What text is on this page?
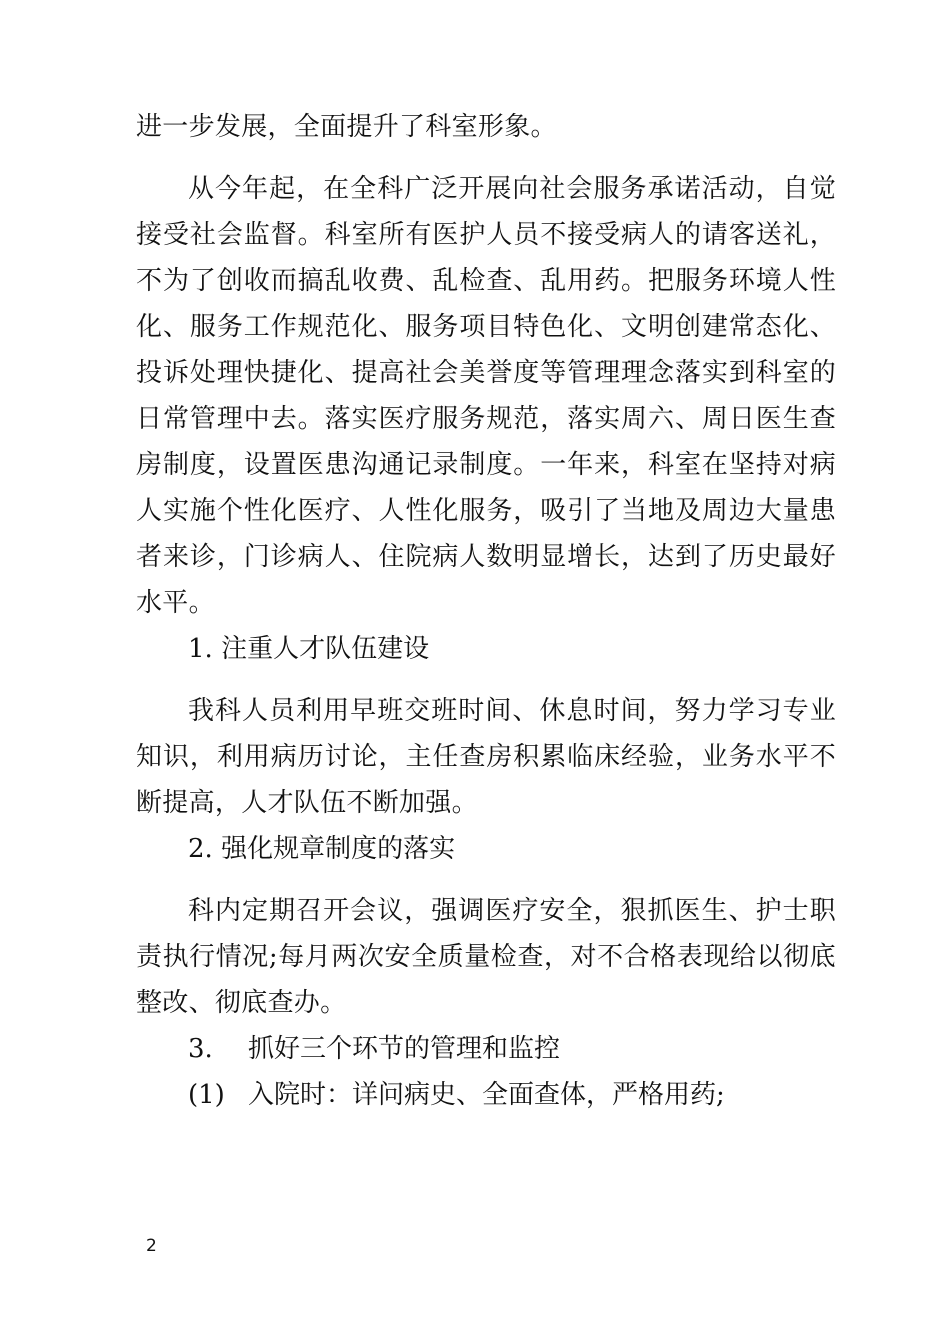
进一步发展，全面提升了科室形象。

从今年起，在全科广泛开展向社会服务承诺活动，自觉接受社会监督。科室所有医护人员不接受病人的请客送礼，不为了创收而搞乱收费、乱检查、乱用药。把服务环境人性化、服务工作规范化、服务项目特色化、文明创建常态化、投诉处理快捷化、提高社会美誉度等管理理念落实到科室的日常管理中去。落实医疗服务规范，落实周六、周日医生查房制度，设置医患沟通记录制度。一年来，科室在坚持对病人实施个性化医疗、人性化服务，吸引了当地及周边大量患者来诊，门诊病人、住院病人数明显增长，达到了历史最好水平。

1. 注重人才队伍建设

我科人员利用早班交班时间、休息时间，努力学习专业知识，利用病历讨论，主任查房积累临床经验，业务水平不断提高，人才队伍不断加强。

2. 强化规章制度的落实

科内定期召开会议，强调医疗安全，狠抓医生、护士职责执行情况;每月两次安全质量检查，对不合格表现给以彻底整改、彻底查办。

3.	抓好三个环节的管理和监控
(1) 入院时：详问病史、全面查体，严格用药;
2
